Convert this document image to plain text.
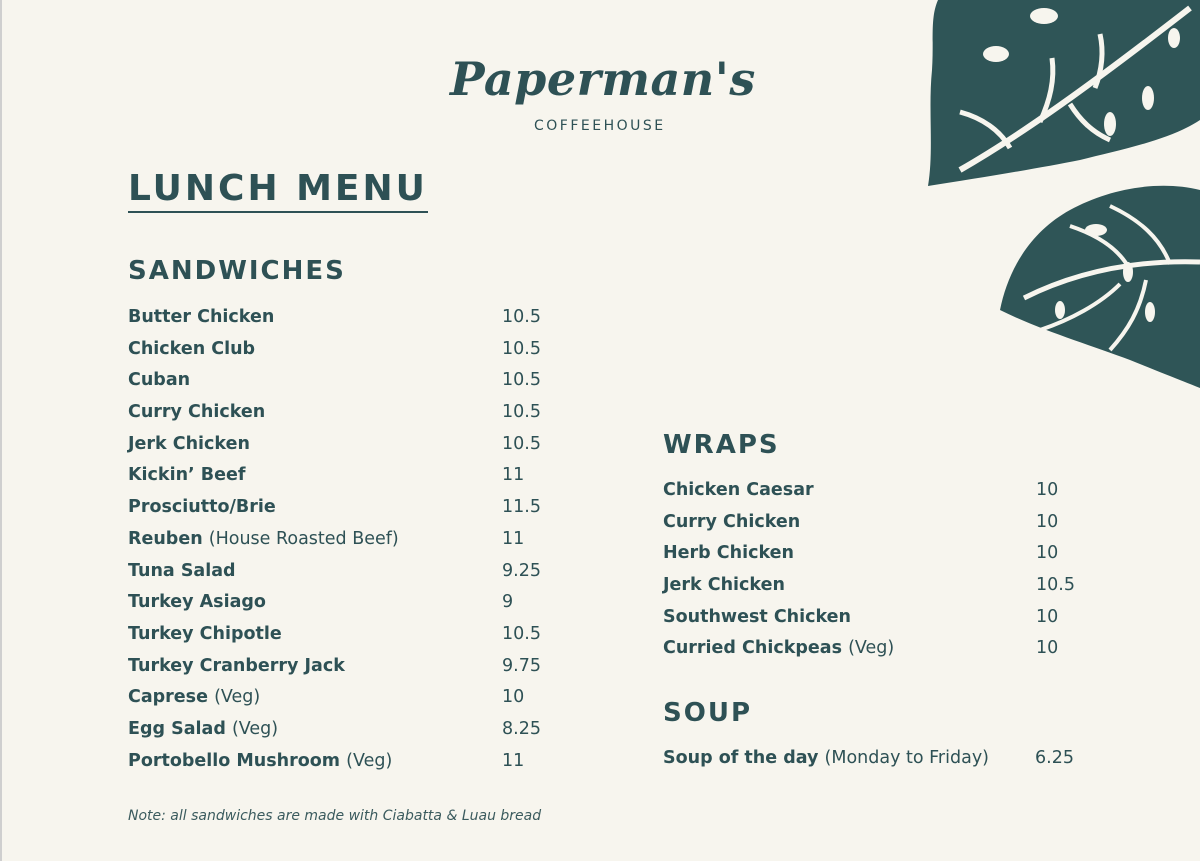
Paperman's
COFFEEHOUSE
LUNCH MENU
SANDWICHES
Butter Chicken	10.5
Chicken Club	10.5
Cuban	10.5
Curry Chicken	10.5
Jerk Chicken	10.5
Kickin’ Beef	11
Prosciutto/Brie	11.5
Reuben (House Roasted Beef)	11
Tuna Salad	9.25
Turkey Asiago	9
Turkey Chipotle	10.5
Turkey Cranberry Jack	9.75
Caprese (Veg)	10
Egg Salad (Veg)	8.25
Portobello Mushroom (Veg)	11
WRAPS
Chicken Caesar	10
Curry Chicken	10
Herb Chicken	10
Jerk Chicken	10.5
Southwest Chicken	10
Curried Chickpeas (Veg)	10
SOUP
Soup of the day (Monday to Friday)	6.25
Note: all sandwiches are made with Ciabatta & Luau bread
